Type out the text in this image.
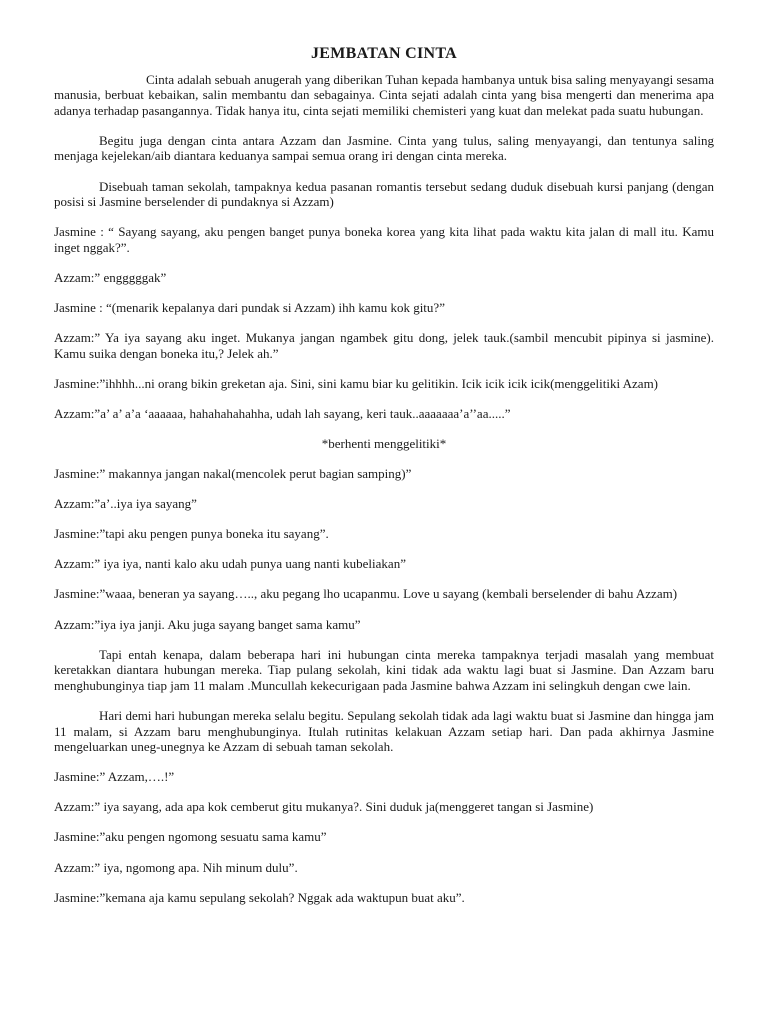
JEMBATAN CINTA

Cinta adalah sebuah anugerah yang diberikan Tuhan kepada hambanya untuk bisa saling menyayangi sesama manusia, berbuat kebaikan, salin membantu dan sebagainya. Cinta sejati adalah cinta yang bisa mengerti dan menerima apa adanya terhadap pasangannya. Tidak hanya itu, cinta sejati memiliki chemisteri yang kuat dan melekat pada suatu hubungan.

Begitu juga dengan cinta antara Azzam dan Jasmine. Cinta yang tulus, saling menyayangi, dan tentunya saling menjaga kejelekan/aib diantara keduanya sampai semua orang iri dengan cinta mereka.

Disebuah taman sekolah, tampaknya kedua pasanan romantis tersebut sedang duduk disebuah kursi panjang (dengan posisi si Jasmine berselender di pundaknya si Azzam)

Jasmine : “ Sayang sayang, aku pengen banget punya boneka korea yang kita lihat pada waktu kita jalan di mall itu. Kamu inget nggak?”.

Azzam:” engggggak”

Jasmine : “(menarik kepalanya dari pundak si Azzam) ihh kamu kok gitu?”

Azzam:” Ya iya sayang aku inget. Mukanya jangan ngambek gitu dong, jelek tauk.(sambil mencubit pipinya si jasmine). Kamu suika dengan boneka itu,? Jelek ah.”

Jasmine:”ihhhh...ni orang bikin greketan aja. Sini, sini kamu biar ku gelitikin. Icik icik icik icik(menggelitiki Azam)

Azzam:”a’ a’ a’a ‘aaaaaa, hahahahahahha, udah lah sayang, keri tauk..aaaaaaa’a’’aa.....”

*berhenti menggelitiki*

Jasmine:” makannya jangan nakal(mencolek perut bagian samping)”

Azzam:”a’..iya iya sayang”

Jasmine:”tapi aku pengen punya boneka itu sayang”.

Azzam:” iya iya, nanti kalo aku udah punya uang nanti kubeliakan”

Jasmine:”waaa, beneran ya sayang….., aku pegang lho ucapanmu. Love u sayang (kembali berselender di bahu Azzam)

Azzam:”iya iya janji. Aku juga sayang banget sama kamu”

Tapi entah kenapa, dalam beberapa hari ini hubungan cinta mereka tampaknya terjadi masalah yang membuat keretakkan diantara hubungan mereka. Tiap pulang sekolah, kini tidak ada waktu lagi buat si Jasmine. Dan Azzam baru menghubunginya tiap jam 11 malam .Muncullah kekecurigaan pada Jasmine bahwa Azzam ini selingkuh dengan cwe lain.

Hari demi hari hubungan mereka selalu begitu. Sepulang sekolah tidak ada lagi waktu buat si Jasmine dan hingga jam 11 malam, si Azzam baru menghubunginya. Itulah rutinitas kelakuan Azzam setiap hari. Dan pada akhirnya Jasmine mengeluarkan uneg-unegnya ke Azzam di sebuah taman sekolah.

Jasmine:” Azzam,….!”

Azzam:” iya sayang, ada apa kok cemberut gitu mukanya?. Sini duduk ja(menggeret tangan si Jasmine)

Jasmine:”aku pengen ngomong sesuatu sama kamu”

Azzam:” iya, ngomong apa. Nih minum dulu”.

Jasmine:”kemana aja kamu sepulang sekolah? Nggak ada waktupun buat aku”.
